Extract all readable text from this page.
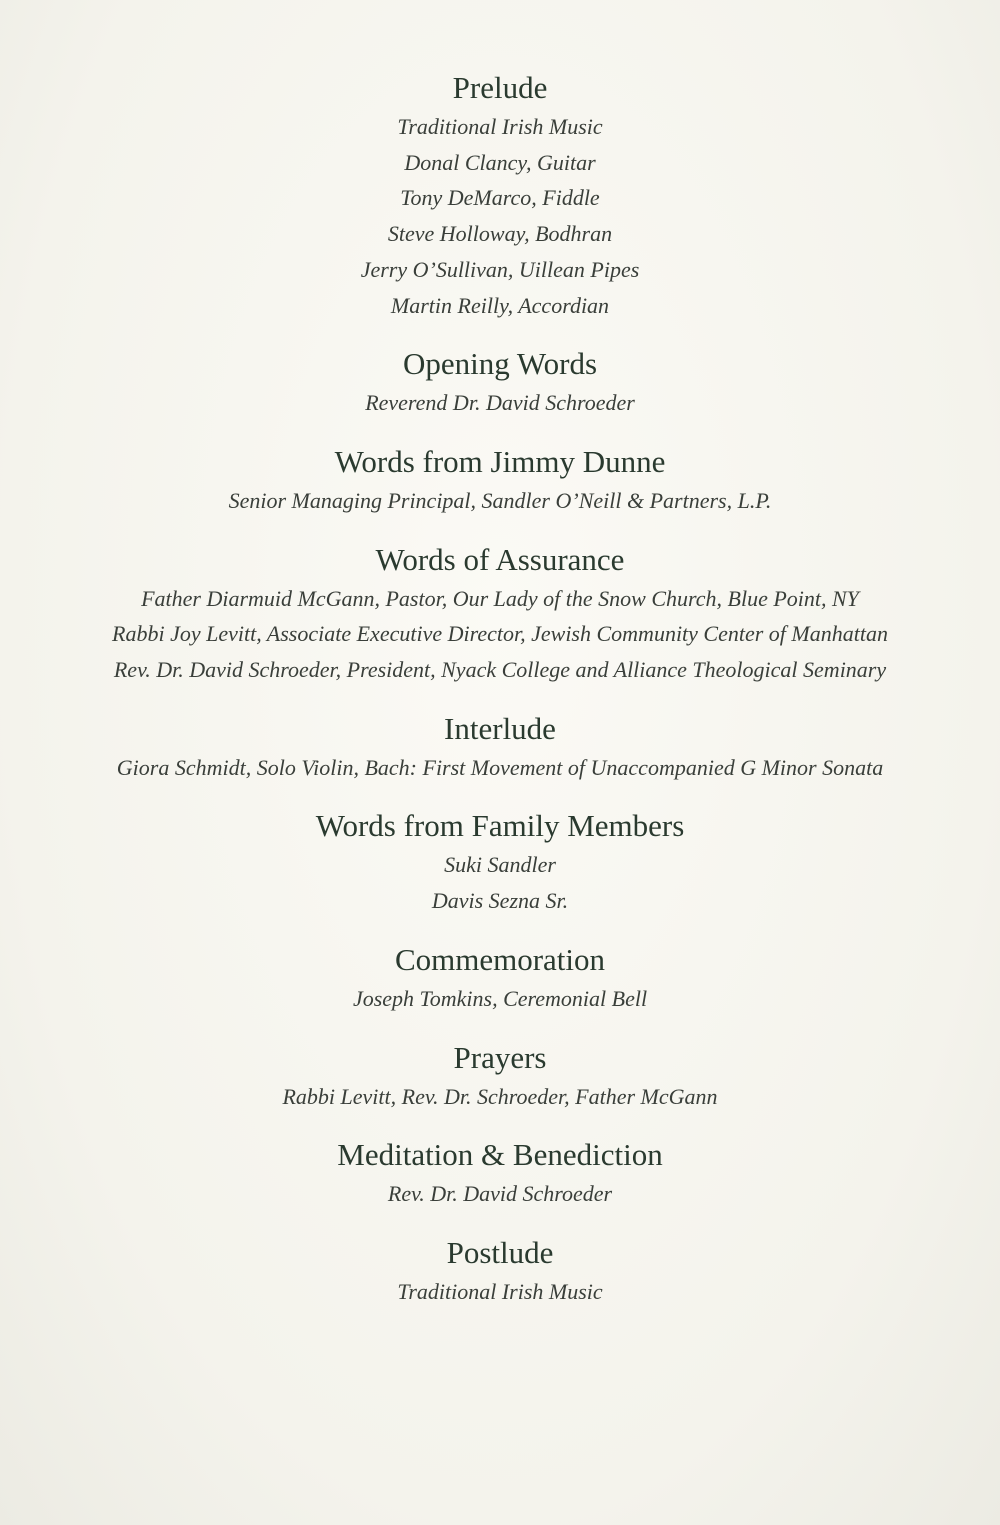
Prelude
Traditional Irish Music
Donal Clancy, Guitar
Tony DeMarco, Fiddle
Steve Holloway, Bodhran
Jerry O’Sullivan, Uillean Pipes
Martin Reilly, Accordian
Opening Words
Reverend Dr. David Schroeder
Words from Jimmy Dunne
Senior Managing Principal, Sandler O’Neill & Partners, L.P.
Words of Assurance
Father Diarmuid McGann, Pastor, Our Lady of the Snow Church, Blue Point, NY
Rabbi Joy Levitt, Associate Executive Director, Jewish Community Center of Manhattan
Rev. Dr. David Schroeder, President, Nyack College and Alliance Theological Seminary
Interlude
Giora Schmidt, Solo Violin, Bach: First Movement of Unaccompanied G Minor Sonata
Words from Family Members
Suki Sandler
Davis Sezna Sr.
Commemoration
Joseph Tomkins, Ceremonial Bell
Prayers
Rabbi Levitt, Rev. Dr. Schroeder, Father McGann
Meditation & Benediction
Rev. Dr. David Schroeder
Postlude
Traditional Irish Music
